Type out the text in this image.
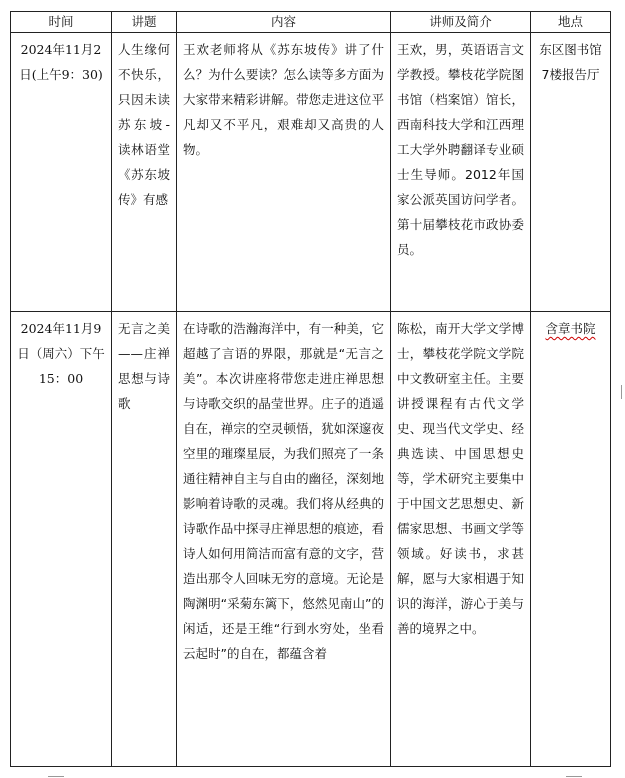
时间	讲题	内容	讲师及简介	地点
2024年11月2日(上午9：30)	人生缘何不快乐，只因未读苏东坡-读林语堂《苏东坡传》有感	王欢老师将从《苏东坡传》讲了什么？为什么要读？怎么读等多方面为大家带来精彩讲解。带您走进这位平凡却又不平凡，艰难却又高贵的人物。	王欢，男，英语语言文学教授。攀枝花学院图书馆（档案馆）馆长，西南科技大学和江西理工大学外聘翻译专业硕士生导师。2012年国家公派英国访问学者。第十届攀枝花市政协委员。	东区图书馆7楼报告厅
2024年11月9日（周六）下午15：00	无言之美——庄禅思想与诗歌	在诗歌的浩瀚海洋中，有一种美，它超越了言语的界限，那就是“无言之美”。本次讲座将带您走进庄禅思想与诗歌交织的晶莹世界。庄子的逍遥自在，禅宗的空灵顿悟，犹如深邃夜空里的璀璨星辰，为我们照亮了一条通往精神自主与自由的幽径，深刻地影响着诗歌的灵魂。我们将从经典的诗歌作品中探寻庄禅思想的痕迹，看诗人如何用简洁而富有意的文字，营造出那令人回味无穷的意境。无论是陶渊明“采菊东篱下，悠然见南山”的闲适，还是王维“行到水穷处，坐看云起时”的自在，都蕴含着	陈松，南开大学文学博士，攀枝花学院文学院中文教研室主任。主要讲授课程有古代文学史、现当代文学史、经典选读、中国思想史等，学术研究主要集中于中国文艺思想史、新儒家思想、书画文学等领域。好读书，求甚解，愿与大家相遇于知识的海洋，游心于美与善的境界之中。	含章书院
